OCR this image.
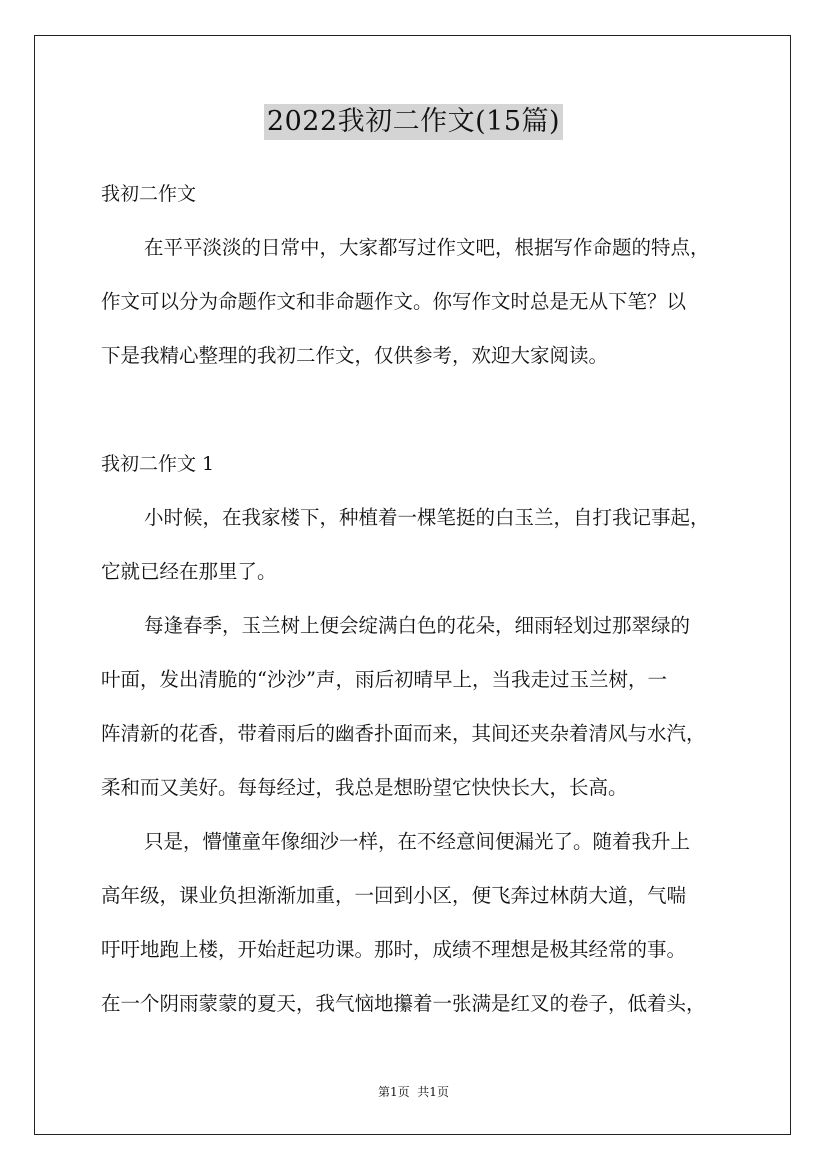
2022我初二作文(15篇)
我初二作文
在平平淡淡的日常中，大家都写过作文吧，根据写作命题的特点，
作文可以分为命题作文和非命题作文。你写作文时总是无从下笔？以
下是我精心整理的我初二作文，仅供参考，欢迎大家阅读。
我初二作文 1
小时候，在我家楼下，种植着一棵笔挺的白玉兰，自打我记事起，
它就已经在那里了。
每逢春季，玉兰树上便会绽满白色的花朵，细雨轻划过那翠绿的
叶面，发出清脆的“沙沙”声，雨后初晴早上，当我走过玉兰树，一
阵清新的花香，带着雨后的幽香扑面而来，其间还夹杂着清风与水汽，
柔和而又美好。每每经过，我总是想盼望它快快长大，长高。
只是，懵懂童年像细沙一样，在不经意间便漏光了。随着我升上
高年级，课业负担渐渐加重，一回到小区，便飞奔过林荫大道，气喘
吁吁地跑上楼，开始赶起功课。那时，成绩不理想是极其经常的事。
在一个阴雨蒙蒙的夏天，我气恼地攥着一张满是红叉的卷子，低着头，
第1页  共1页
